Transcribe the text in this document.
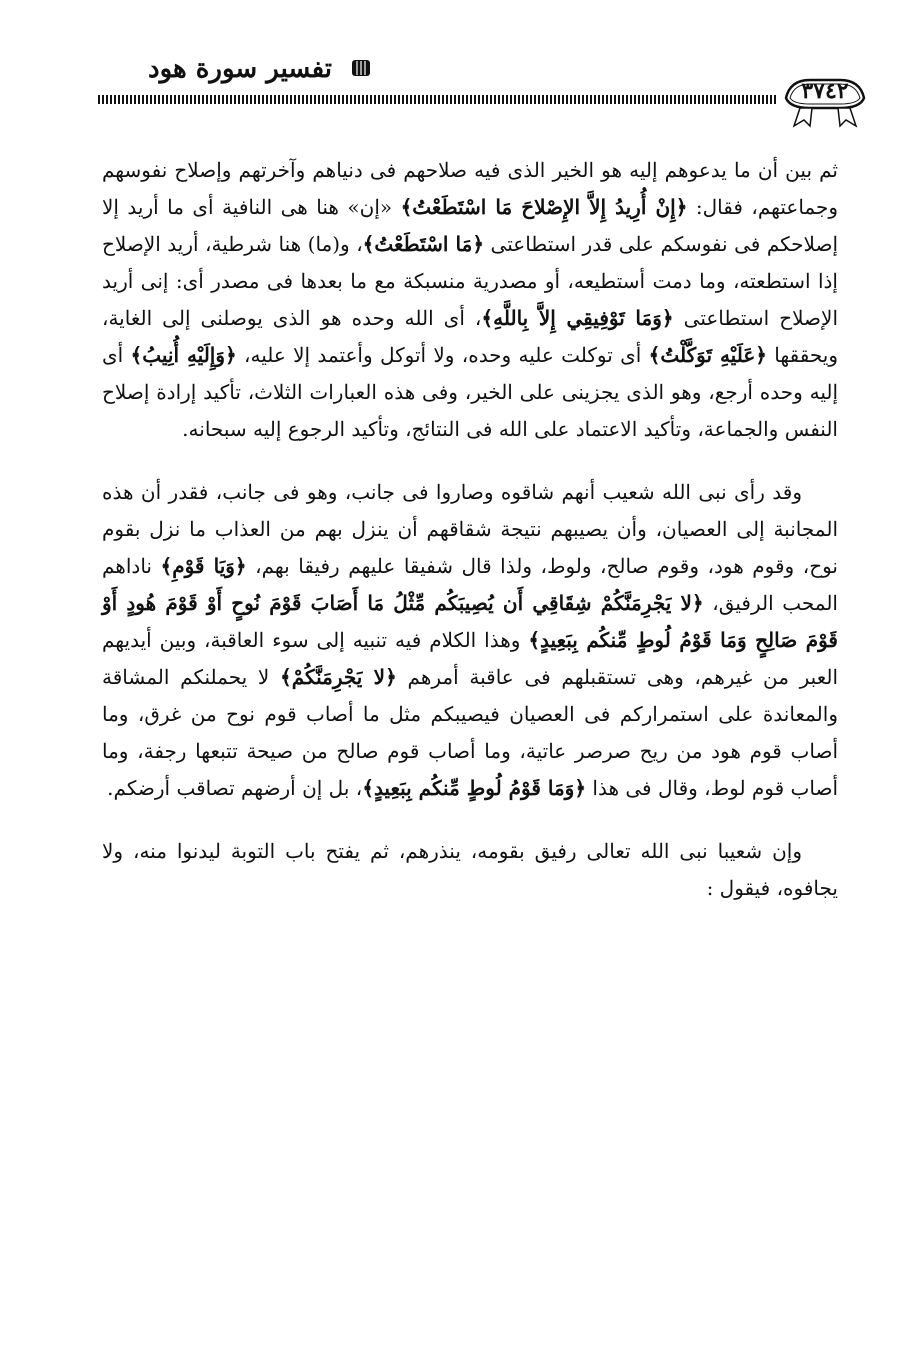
تفسير سورة هود
٣٧٤٢

ثم بين أن ما يدعوهم إليه هو الخير الذى فيه صلاحهم فى دنياهم وآخرتهم وإصلاح نفوسهم وجماعتهم، فقال: ﴿إِنْ أُرِيدُ إِلاَّ الإِصْلاحَ مَا اسْتَطَعْتُ﴾ «إن» هنا هى النافية أى ما أريد إلا إصلاحكم فى نفوسكم على قدر استطاعتى ﴿مَا اسْتَطَعْتُ﴾، و(ما) هنا شرطية، أريد الإصلاح إذا استطعته، وما دمت أستطيعه، أو مصدرية منسبكة مع ما بعدها فى مصدر أى: إنى أريد الإصلاح استطاعتى ﴿وَمَا تَوْفِيقِي إِلاَّ بِاللَّهِ﴾، أى الله وحده هو الذى يوصلنى إلى الغاية، ويحققها ﴿عَلَيْهِ تَوَكَّلْتُ﴾ أى توكلت عليه وحده، ولا أتوكل وأعتمد إلا عليه، ﴿وَإِلَيْهِ أُنِيبُ﴾ أى إليه وحده أرجع، وهو الذى يجزينى على الخير، وفى هذه العبارات الثلاث، تأكيد إرادة إصلاح النفس والجماعة، وتأكيد الاعتماد على الله فى النتائج، وتأكيد الرجوع إليه سبحانه.

وقد رأى نبى الله شعيب أنهم شاقوه وصاروا فى جانب، وهو فى جانب، فقدر أن هذه المجانبة إلى العصيان، وأن يصيبهم نتيجة شقاقهم أن ينزل بهم من العذاب ما نزل بقوم نوح، وقوم هود، وقوم صالح، ولوط، ولذا قال شفيقا عليهم رفيقا بهم، ﴿وَيَا قَوْمِ﴾ ناداهم المحب الرفيق، ﴿لا يَجْرِمَنَّكُمْ شِقَاقِي أَن يُصِيبَكُم مِّثْلُ مَا أَصَابَ قَوْمَ نُوحٍ أَوْ قَوْمَ هُودٍ أَوْ قَوْمَ صَالِحٍ وَمَا قَوْمُ لُوطٍ مِّنكُم بِبَعِيدٍ﴾ وهذا الكلام فيه تنبيه إلى سوء العاقبة، وبين أيديهم العبر من غيرهم، وهى تستقبلهم فى عاقبة أمرهم ﴿لا يَجْرِمَنَّكُمْ﴾ لا يحملنكم المشاقة والمعاندة على استمراركم فى العصيان فيصيبكم مثل ما أصاب قوم نوح من غرق، وما أصاب قوم هود من ريح صرصر عاتية، وما أصاب قوم صالح من صيحة تتبعها رجفة، وما أصاب قوم لوط، وقال فى هذا ﴿وَمَا قَوْمُ لُوطٍ مِّنكُم بِبَعِيدٍ﴾، بل إن أرضهم تصاقب أرضكم.

وإن شعيبا نبى الله تعالى رفيق بقومه، ينذرهم، ثم يفتح باب التوبة ليدنوا منه، ولا يجافوه، فيقول :
